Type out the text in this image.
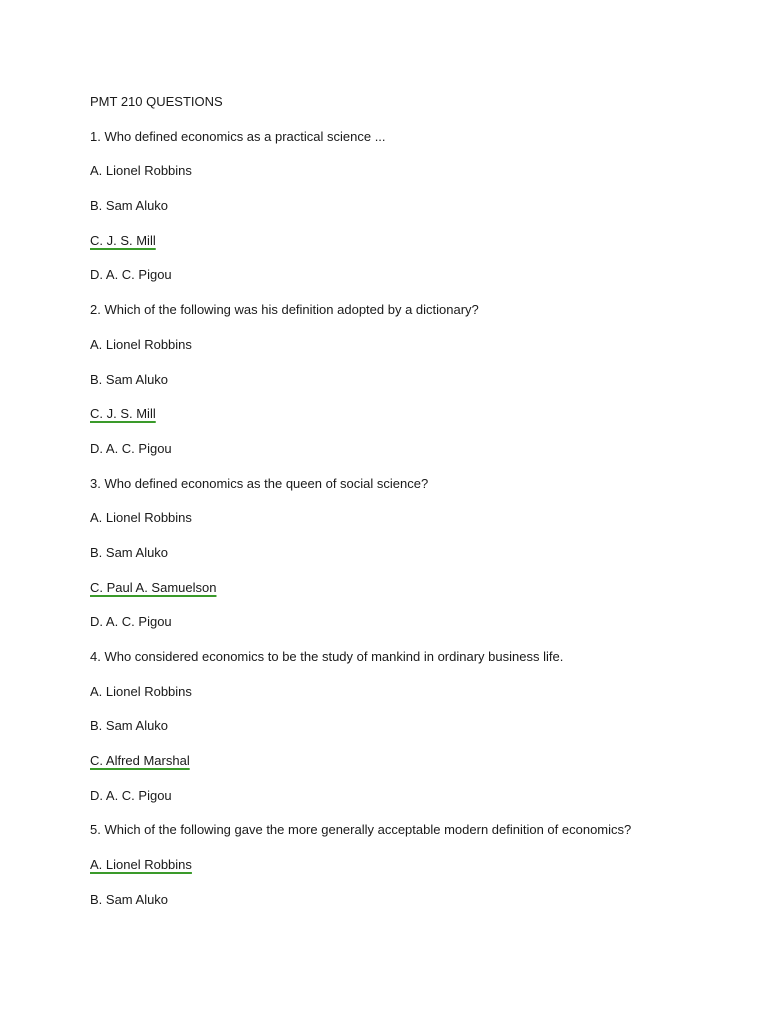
PMT 210 QUESTIONS
1. Who defined economics as a practical science ...
A. Lionel Robbins
B. Sam Aluko
C. J. S. Mill
D. A. C. Pigou
2. Which of the following was his definition adopted by a dictionary?
A. Lionel Robbins
B. Sam Aluko
C. J. S. Mill
D. A. C. Pigou
3. Who defined economics as the queen of social science?
A. Lionel Robbins
B. Sam Aluko
C. Paul A. Samuelson
D. A. C. Pigou
4. Who considered economics to be the study of mankind in ordinary business life.
A. Lionel Robbins
B. Sam Aluko
C. Alfred Marshal
D. A. C. Pigou
5. Which of the following gave the more generally acceptable modern definition of economics?
A. Lionel Robbins
B. Sam Aluko
